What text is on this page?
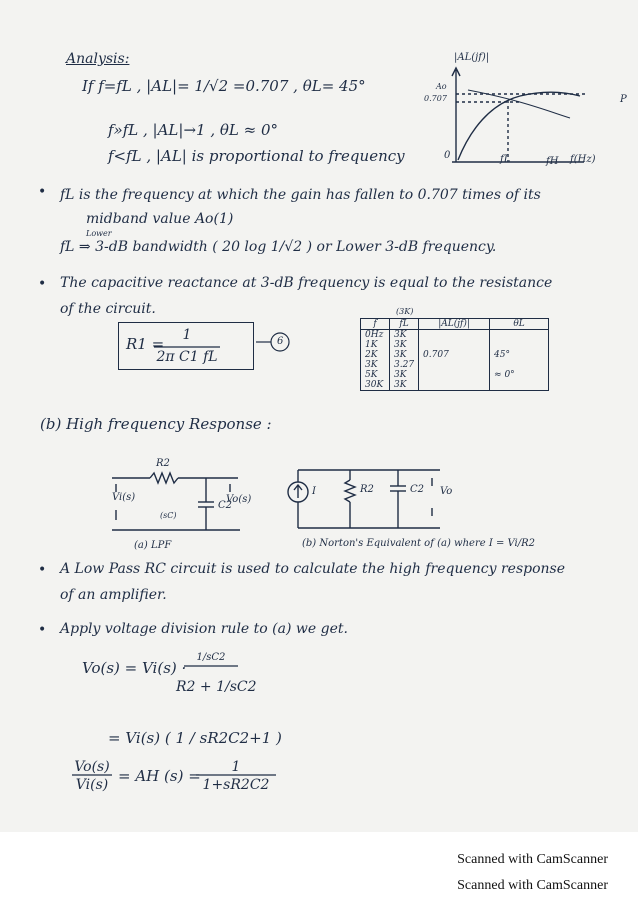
Analysis:
If f=fL , |AL|= 1/√2 =0.707 , θL= 45°
f»fL , |AL|→1 , θL ≈ 0°
f<fL , |AL| is proportional to frequency
|AL(jf)|
Ao
0.707
0	fL	fH f(Hz)
P
• fL is the frequency at which the gain has fallen to 0.707 times of its
midband value Ao(1)
Lower
fL ⇒ 3-dB bandwidth ( 20 log 1/√2 ) or Lower 3-dB frequency.
• The capacitive reactance at 3-dB frequency is equal to the resistance
of the circuit.
R1 =	1
2π C1 fL
6
(3K)
f	fL	|AL(jf)|	θL
0Hz	3K		
1K	3K		
2K	3K	0.707	45°
3K	3.27		
5K	3K		≈ 0°
30K	3K		
(b) High frequency Response :
R2
Vi(s)
C2
(sC)
Vo(s)
(a) LPF
I	R2	C2 Vo
(b) Norton's Equivalent of (a) where I = Vi/R2
• A Low Pass RC circuit is used to calculate the high frequency response
of an amplifier.
• Apply voltage division rule to (a) we get.
Vo(s) = Vi(s) ·
1/sC2
R2 + 1/sC2
= Vi(s) ( 1 / sR2C2+1 )
Vo(s)
Vi(s) = AH (s) =	1
1+sR2C2
Scanned with CamScanner
Scanned with CamScanner
